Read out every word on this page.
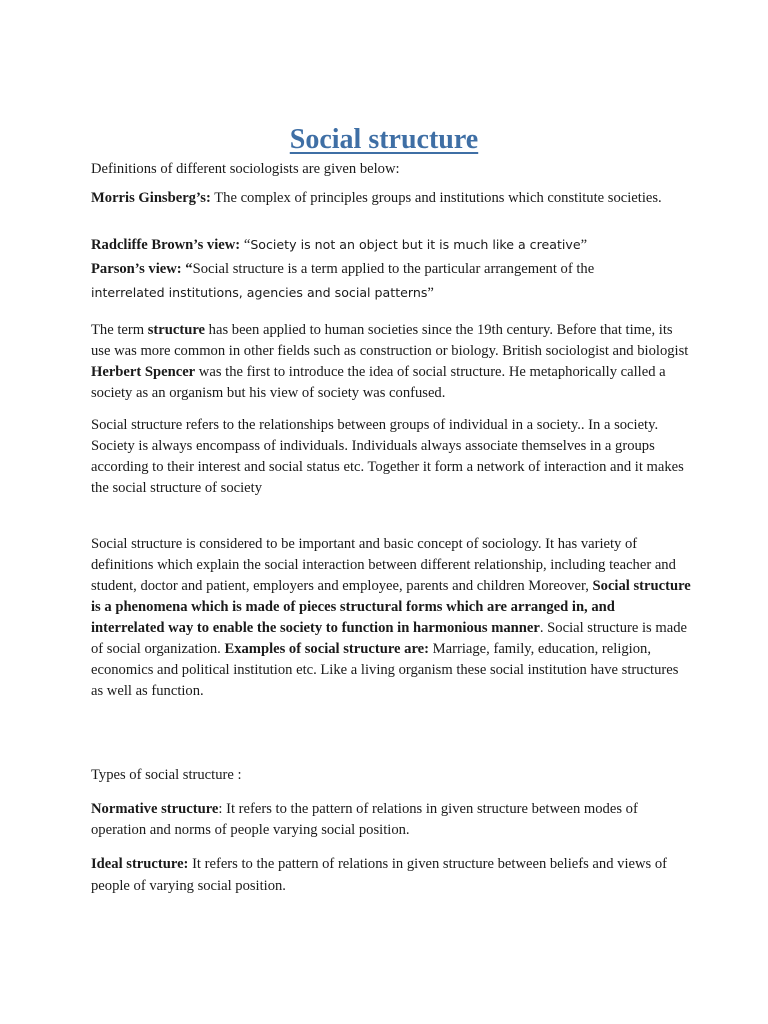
Social structure

Definitions of different sociologists are given below:

Morris Ginsberg’s: The complex of principles groups and institutions which constitute societies.

Radcliffe Brown’s view: “Society is not an object but it is much like a creative”

Parson’s view: “Social structure is a term applied to the particular arrangement of the
interrelated institutions, agencies and social patterns”

The term structure has been applied to human societies since the 19th century. Before that time, its use was more common in other fields such as construction or biology. British sociologist and biologist Herbert Spencer was the first to introduce the idea of social structure. He metaphorically called a society as an organism but his view of society was confused.

Social structure refers to the relationships between groups of individual in a society.. In a society. Society is always encompass of individuals. Individuals always associate themselves in a groups according to their interest and social status etc. Together it form a network of interaction and it makes the social structure of society

Social structure is considered to be important and basic concept of sociology. It has variety of definitions which explain the social interaction between different relationship, including teacher and student, doctor and patient, employers and employee, parents and children Moreover, Social structure is a phenomena which is made of pieces structural forms which are arranged in, and interrelated way to enable the society to function in harmonious manner. Social structure is made of social organization. Examples of social structure are: Marriage, family, education, religion, economics and political institution etc. Like a living organism these social institution have structures as well as function.

Types of social structure :

Normative structure: It refers to the pattern of relations in given structure between modes of operation and norms of people varying social position.

Ideal structure: It refers to the pattern of relations in given structure between beliefs and views of people of varying social position.
